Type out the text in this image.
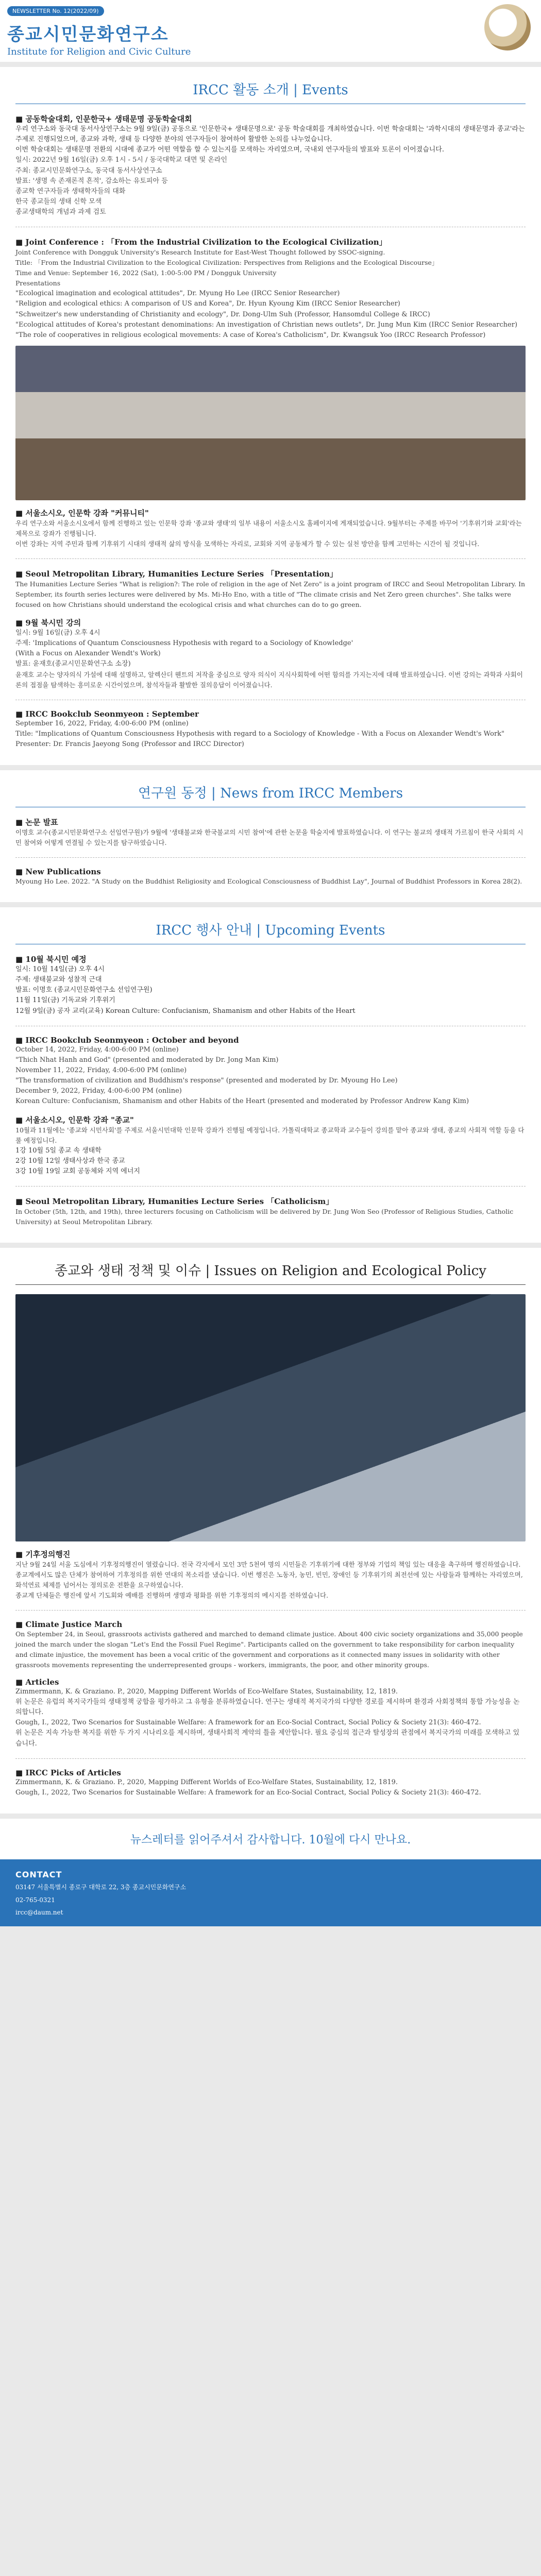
NEWSLETTER No. 12(2022/09)
종교시민문화연구소
Institute for Religion and Civic Culture
IRCC 활동 소개 | Events
■ 공동학술대회, 인문한국+ 생태문명 공동학술대회

우리 연구소와 동국대 동서사상연구소는 9월 9일(금) 공동으로 '인문한국+ 생태문명으로' 공동 학술대회를 개최하였습니다. 이번 학술대회는 '과학시대의 생태문명과 종교'라는 주제로 진행되었으며, 종교와 과학, 생태 등 다양한 분야의 연구자들이 참여하여 활발한 논의를 나누었습니다.

이번 학술대회는 생태문명 전환의 시대에 종교가 어떤 역할을 할 수 있는지를 모색하는 자리였으며, 국내외 연구자들의 발표와 토론이 이어졌습니다.

일시: 2022년 9월 16일(금) 오후 1시 - 5시 / 동국대학교 대면 및 온라인
주최: 종교시민문화연구소, 동국대 동서사상연구소
발표: '생명 속 존재론적 흔적', 감소하는 유토피아 등
종교학 연구자들과 생태학자들의 대화
한국 종교들의 생태 신학 모색
종교생태학의 개념과 과제 검토
■ Joint Conference : 「From the Industrial Civilization to the Ecological Civilization」

Joint Conference with Dongguk University's Research Institute for East-West Thought followed by SSOC-signing.

Title: 「From the Industrial Civilization to the Ecological Civilization: Perspectives from Religions and the Ecological Discourse」

Time and Venue: September 16, 2022 (Sat), 1:00-5:00 PM / Dongguk University

Presentations

"Ecological imagination and ecological attitudes", Dr. Myung Ho Lee (IRCC Senior Researcher)
"Religion and ecological ethics: A comparison of US and Korea", Dr. Hyun Kyoung Kim (IRCC Senior Researcher)
"Schweitzer's new understanding of Christianity and ecology", Dr. Dong-Ulm Suh (Professor, Hansomdul College & IRCC)
"Ecological attitudes of Korea's protestant denominations: An investigation of Christian news outlets", Dr. Jung Mun Kim (IRCC Senior Researcher)
"The role of cooperatives in religious ecological movements: A case of Korea's Catholicism", Dr. Kwangsuk Yoo (IRCC Research Professor)
■ 서울소시오, 인문학 강좌 "커뮤니티"

우리 연구소와 서울소시오에서 함께 진행하고 있는 인문학 강좌 '종교와 생태'의 일부 내용이 서울소시오 홈페이지에 게재되었습니다. 9월부터는 주제를 바꾸어 '기후위기와 교회'라는 제목으로 강좌가 진행됩니다.

이번 강좌는 지역 주민과 함께 기후위기 시대의 생태적 삶의 방식을 모색하는 자리로, 교회와 지역 공동체가 할 수 있는 실천 방안을 함께 고민하는 시간이 될 것입니다.

■ Seoul Metropolitan Library, Humanities Lecture Series 「Presentation」

The Humanities Lecture Series "What is religion?: The role of religion in the age of Net Zero" is a joint program of IRCC and Seoul Metropolitan Library. In September, its fourth series lectures were delivered by Ms. Mi-Ho Eno, with a title of "The climate crisis and Net Zero green churches". She talks were focused on how Christians should understand the ecological crisis and what churches can do to go green.

■ 9월 북시민 강의
일시: 9월 16일(금) 오후 4시
주제: 'Implications of Quantum Consciousness Hypothesis with regard to a Sociology of Knowledge'
(With a Focus on Alexander Wendt's Work)
발표: 윤재호(종교시민문화연구소 소장)

윤재호 교수는 양자의식 가설에 대해 설명하고, 알렉산더 웬트의 저작을 중심으로 양자 의식이 지식사회학에 어떤 함의를 가지는지에 대해 발표하였습니다. 이번 강의는 과학과 사회이론의 접점을 탐색하는 흥미로운 시간이었으며, 참석자들과 활발한 질의응답이 이어졌습니다.

■ IRCC Bookclub Seonmyeon : September
September 16, 2022, Friday, 4:00-6:00 PM (online)
Title: "Implications of Quantum Consciousness Hypothesis with regard to a Sociology of Knowledge - With a Focus on Alexander Wendt's Work"
Presenter: Dr. Francis Jaeyong Song (Professor and IRCC Director)
연구원 동정 | News from IRCC Members
■ 논문 발표

이명호 교수(종교시민문화연구소 선임연구원)가 9월에 '생태불교와 한국불교의 시민 참여'에 관한 논문을 학술지에 발표하였습니다. 이 연구는 불교의 생태적 가르침이 한국 사회의 시민 참여와 어떻게 연결될 수 있는지를 탐구하였습니다.

■ New Publications

Myoung Ho Lee. 2022. "A Study on the Buddhist Religiosity and Ecological Consciousness of Buddhist Lay", Journal of Buddhist Professors in Korea 28(2).

IRCC 행사 안내 | Upcoming Events
■ 10월 북시민 예정
일시: 10월 14일(금) 오후 4시
주제: 생태불교와 성찰적 근대
발표: 이명호 (종교시민문화연구소 선임연구원)
11월 11일(금) 기독교와 기후위기
12월 9일(금) 공자 교리(교육) Korean Culture: Confucianism, Shamanism and other Habits of the Heart
■ IRCC Bookclub Seonmyeon : October and beyond
October 14, 2022, Friday, 4:00-6:00 PM (online)
"Thich Nhat Hanh and God" (presented and moderated by Dr. Jong Man Kim)
November 11, 2022, Friday, 4:00-6:00 PM (online)
"The transformation of civilization and Buddhism's response" (presented and moderated by Dr. Myoung Ho Lee)
December 9, 2022, Friday, 4:00-6:00 PM (online)
Korean Culture: Confucianism, Shamanism and other Habits of the Heart (presented and moderated by Professor Andrew Kang Kim)
■ 서울소시오, 인문학 강좌 "종교"

10월과 11월에는 '종교와 시민사회'를 주제로 서울시민대학 인문학 강좌가 진행될 예정입니다. 가톨릭대학교 종교학과 교수들이 강의를 맡아 종교와 생태, 종교의 사회적 역할 등을 다룰 예정입니다.

1강 10월 5일 종교 속 생태학
2강 10월 12일 생태사상과 한국 종교
3강 10월 19일 교회 공동체와 지역 에너지
■ Seoul Metropolitan Library, Humanities Lecture Series 「Catholicism」

In October (5th, 12th, and 19th), three lecturers focusing on Catholicism will be delivered by Dr. Jung Won Seo (Professor of Religious Studies, Catholic University) at Seoul Metropolitan Library.

종교와 생태 정책 및 이슈 | Issues on Religion and Ecological Policy
■ 기후정의행진

지난 9월 24일 서울 도심에서 기후정의행진이 열렸습니다. 전국 각지에서 모인 3만 5천여 명의 시민들은 기후위기에 대한 정부와 기업의 책임 있는 대응을 촉구하며 행진하였습니다. 종교계에서도 많은 단체가 참여하여 기후정의를 위한 연대의 목소리를 냈습니다. 이번 행진은 노동자, 농민, 빈민, 장애인 등 기후위기의 최전선에 있는 사람들과 함께하는 자리였으며, 화석연료 체제를 넘어서는 정의로운 전환을 요구하였습니다.

종교계 단체들은 행진에 앞서 기도회와 예배를 진행하며 생명과 평화를 위한 기후정의의 메시지를 전하였습니다.

■ Climate Justice March

On September 24, in Seoul, grassroots activists gathered and marched to demand climate justice. About 400 civic society organizations and 35,000 people joined the march under the slogan "Let's End the Fossil Fuel Regime". Participants called on the government to take responsibility for carbon inequality and climate injustice, the movement has been a vocal critic of the government and corporations as it connected many issues in solidarity with other grassroots movements representing the underrepresented groups - workers, immigrants, the poor, and other minority groups.

■ Articles
Zimmermann, K. & Graziano. P., 2020, Mapping Different Worlds of Eco-Welfare States, Sustainability, 12, 1819.
위 논문은 유럽의 복지국가들의 생태정책 궁합을 평가하고 그 유형을 분류하였습니다. 연구는 생태적 복지국가의 다양한 경로를 제시하며 환경과 사회정책의 통합 가능성을 논의합니다.
Gough, I., 2022, Two Scenarios for Sustainable Welfare: A framework for an Eco-Social Contract, Social Policy & Society 21(3): 460-472.
위 논문은 지속 가능한 복지를 위한 두 가지 시나리오를 제시하며, 생태사회적 계약의 틀을 제안합니다. 필요 중심의 접근과 탈성장의 관점에서 복지국가의 미래를 모색하고 있습니다.
■ IRCC Picks of Articles
Zimmermann, K. & Graziano. P., 2020, Mapping Different Worlds of Eco-Welfare States, Sustainability, 12, 1819.
Gough, I., 2022, Two Scenarios for Sustainable Welfare: A framework for an Eco-Social Contract, Social Policy & Society 21(3): 460-472.
뉴스레터를 읽어주셔서 감사합니다. 10월에 다시 만나요.
CONTACT

03147 서울특별시 종로구 대학로 22, 3층 종교시민문화연구소

02-765-0321

ircc@daum.net
